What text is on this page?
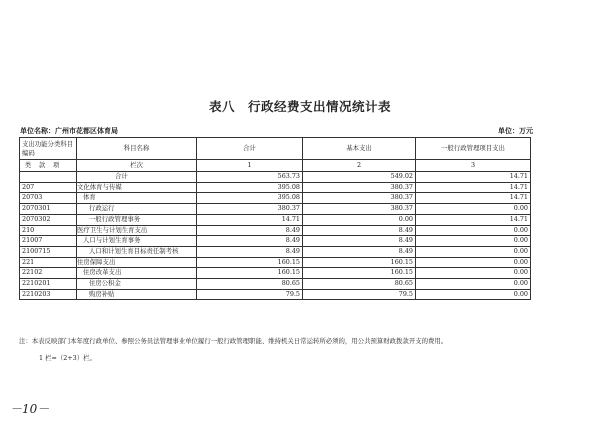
表八　行政经费支出情况统计表
单位名称：广州市花都区体育局	单位：万元
支出功能分类科目编码	科目名称	合计	基本支出	一般行政管理项目支出
类 款 项	栏次	1	2	3
	合计	563.73	549.02	14.71
207	文化体育与传媒	395.08	380.37	14.71
20703	体育	395.08	380.37	14.71
2070301	行政运行	380.37	380.37	0.00
2070302	一般行政管理事务	14.71	0.00	14.71
210	医疗卫生与计划生育支出	8.49	8.49	0.00
21007	人口与计划生育事务	8.49	8.49	0.00
2100715	人口和计划生育目标责任制考核	8.49	8.49	0.00
221	住房保障支出	160.15	160.15	0.00
22102	住房改革支出	160.15	160.15	0.00
2210201	住房公积金	80.65	80.65	0.00
2210203	购房补贴	79.5	79.5	0.00
注：本表反映部门本年度行政单位、参照公务员法管理事业单位履行一般行政管理职能、维持机关日常运转所必须的，用公共预算财政拨款开支的费用。
1 栏=（2+3）栏。
－10－
